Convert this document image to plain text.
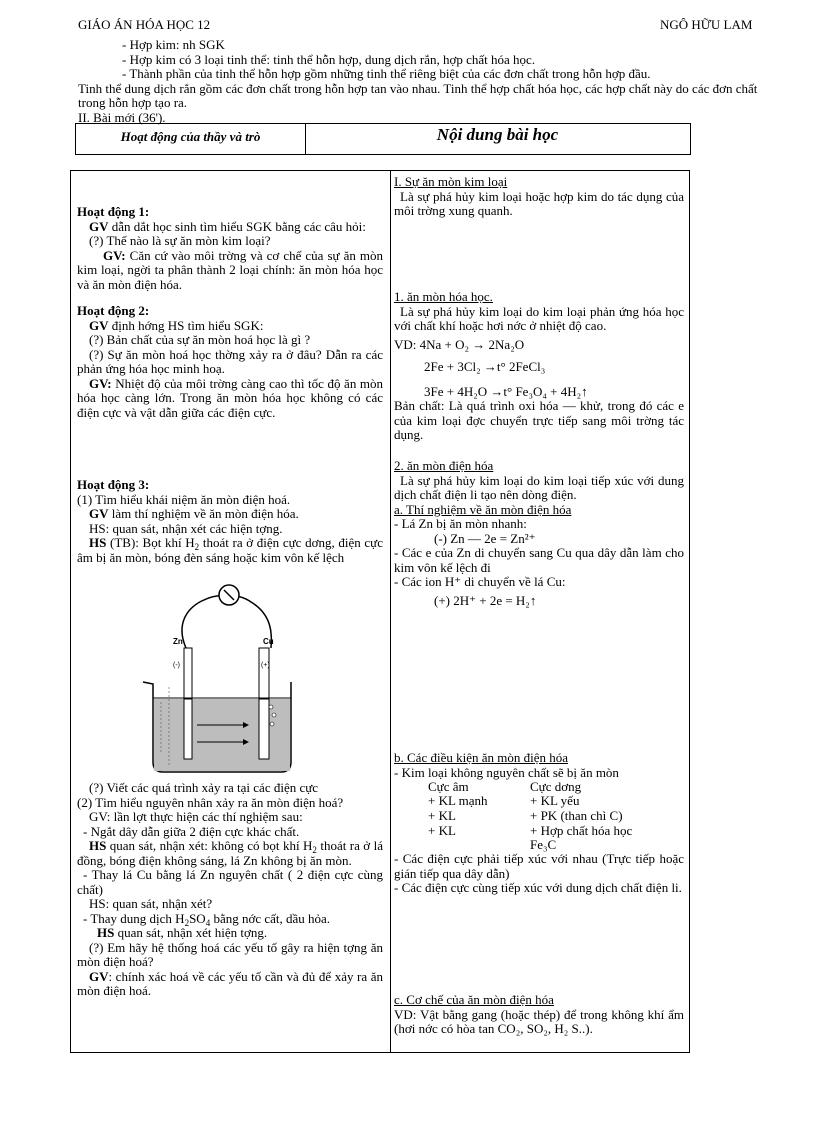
GIÁO ÁN HÓA HỌC 12	NGÔ HỮU LAM

- Hợp kim: nh SGK

- Hợp kim có 3 loại tinh thể: tinh thể hỗn hợp, dung dịch rắn, hợp chất hóa học.

- Thành phần của tinh thể hỗn hợp gồm những tinh thể riêng biệt của các đơn chất trong hỗn hợp đầu.

Tinh thể dung dịch rắn gồm các đơn chất trong hỗn hợp tan vào nhau. Tinh thể hợp chất hóa học, các hợp chất này do các đơn chất trong hỗn hợp tạo ra.

II. Bài mới (36').

Hoạt động của thầy và trò	Nội dung bài học

Hoạt động 1:

GV dẫn dắt học sinh tìm hiểu SGK bằng các câu hỏi:

(?) Thế nào là sự ăn mòn kim loại?

GV: Căn cứ vào môi trờng và cơ chế của sự ăn mòn kim loại, ngời ta phân thành 2 loại chính: ăn mòn hóa học và ăn mòn điện hóa.

Hoạt động 2:

GV định hớng HS tìm hiểu SGK:

(?) Bản chất của sự ăn mòn hoá học là gì ?

(?) Sự ăn mòn hoá học thờng xảy ra ở đâu? Dẫn ra các phản ứng hóa học minh hoạ.

GV: Nhiệt độ của môi trờng càng cao thì tốc độ ăn mòn hóa học càng lớn. Trong ăn mòn hóa học không có các điện cực và vật dẫn giữa các điện cực.

Hoạt động 3:

(1) Tìm hiểu khái niệm ăn mòn điện hoá.

GV làm thí nghiệm về ăn mòn điện hóa.

HS: quan sát, nhận xét các hiện tợng.

HS (TB): Bọt khí $H_2$ thoát ra ở điện cực dơng, điện cực âm bị ăn mòn, bóng đèn sáng hoặc kim vôn kế lệch

Zn	Cu
(-)	(+)

(?) Viết các quá trình xảy ra tại các điện cực

(2) Tìm hiểu nguyên nhân xảy ra ăn mòn điện hoá?

GV: lần lợt thực hiện các thí nghiệm sau:

- Ngắt dây dẫn giữa 2 điện cực khác chất.

HS quan sát, nhận xét: không có bọt khí $H_2$ thoát ra ở lá đồng, bóng điện không sáng, lá Zn không bị ăn mòn.

- Thay lá Cu bằng lá Zn nguyên chất ( 2 điện cực cùng chất)

HS: quan sát, nhận xét?

- Thay dung dịch $H_2SO_4$ bằng nớc cất, dầu hỏa.

HS quan sát, nhận xét hiện tợng.

(?) Em hãy hệ thống hoá các yếu tố gây ra hiện tợng ăn mòn điện hoá?

GV: chính xác hoá về các yếu tố cần và đủ để xảy ra ăn mòn điện hoá.

I. Sự ăn mòn kim loại

Là sự phá hủy kim loại hoặc hợp kim do tác dụng của môi trờng xung quanh.

1. ăn mòn hóa học.

Là sự phá hủy kim loại do kim loại phản ứng hóa học với chất khí hoặc hơi nớc ở nhiệt độ cao.

VD: 4Na + O₂ → 2Na₂O

2Fe + 3Cl₂ →t° 2FeCl₃

3Fe + 4H₂O →t° Fe₃O₄ + 4H₂↑

Bản chất: Là quá trình oxi hóa — khử, trong đó các e của kim loại đợc chuyển trực tiếp sang môi trờng tác dụng.

2. ăn mòn điện hóa

Là sự phá hủy kim loại do kim loại tiếp xúc với dung dịch chất điện li tạo nên dòng điện.

a. Thí nghiệm về ăn mòn điện hóa

- Lá Zn bị ăn mòn nhanh:

(-) Zn — 2e = Zn²⁺

- Các e của Zn di chuyển sang Cu qua dây dẫn làm cho kim vôn kế lệch đi

- Các ion H⁺ di chuyển về lá Cu:

(+) 2H⁺ + 2e = H₂↑

b. Các điều kiện ăn mòn điện hóa

- Kim loại không nguyên chất sẽ bị ăn mòn

Cực âm	Cực dơng
+ KL mạnh	+ KL yếu
+ KL	+ PK (than chì C)
+ KL	+ Hợp chất hóa học
Fe₃C

- Các điện cực phải tiếp xúc với nhau (Trực tiếp hoặc gián tiếp qua dây dẫn)

- Các điện cực cùng tiếp xúc với dung dịch chất điện li.

c. Cơ chế của ăn mòn điện hóa

VD: Vật bằng gang (hoặc thép) để trong không khí ẩm (hơi nớc có hòa tan CO₂, SO₂, H₂ S..).
